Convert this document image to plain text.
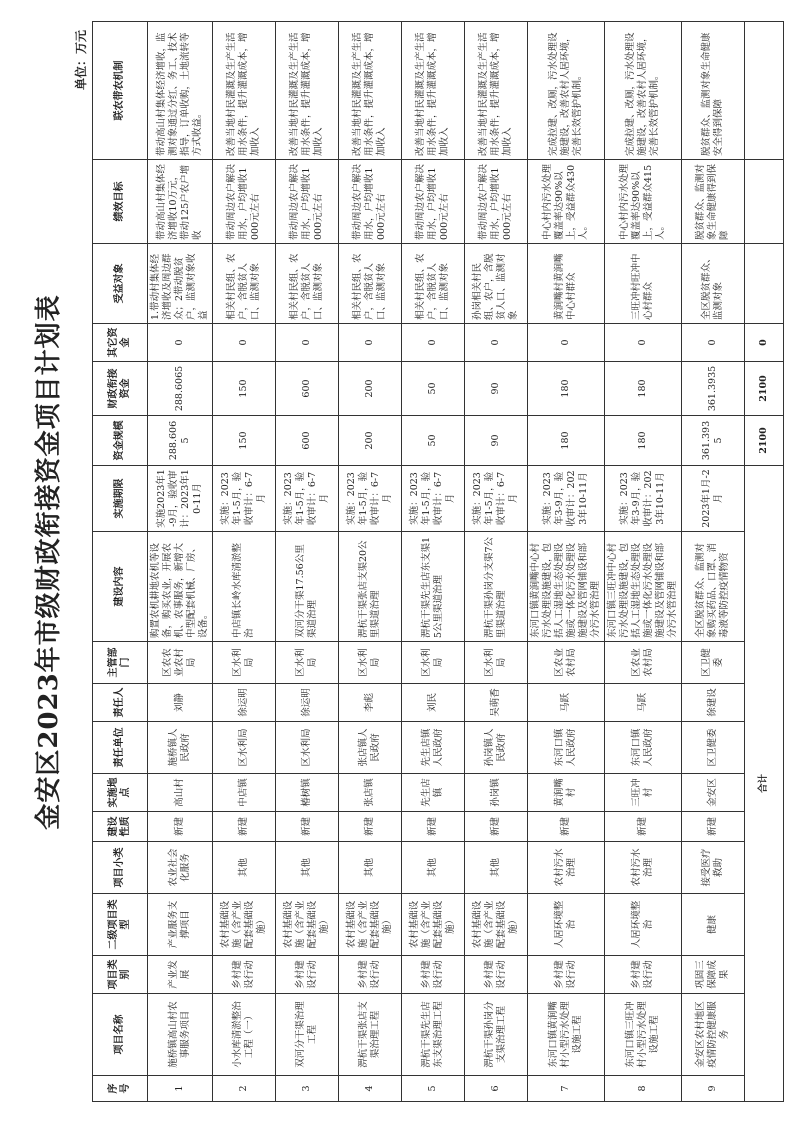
金安区2023年市级财政衔接资金项目计划表
单位：万元
序号	项目名称	项目类别	二级项目类型	项目小类	建设性质	实施地点	责任单位	责任人	主管部门	建设内容	实施期限	资金规模	财政衔接资金	其它资金	受益对象	绩效目标	联农带农机制
1	施桥镇高山村农事服务项目	产业发展	产业服务支撑项目	农业社会化服务	新建	高山村	施桥镇人民政府	刘静	区农农业农村局	购置农机耕地农机等设备，购买农业，开展农机、农事服务，新增大中型配套机械、厂房、设备。	实施2023年1-9月，验收审计：2023年10-11月	288.6065	288.6065	0	1.带动村集体经济增收及周边群众；2带动脱贫户，监测对象收益	带动高山村集体经济增收10万元，带动125户农户增收	带动高山村集体经济增收，监测对象通过分红、务工、技术指导，订单收购，土地流转等方式收益。
2	小水库清淤整治工程（一）	乡村建设行动	农村基础设施（含产业配套基础设施）	其他	新建	中店镇	区水利局	徐运明	区水利局	中店镇长岭水库清淤整治	实施：2023年1-5月，验收审计：6-7月	150	150	0	相关村民组、农户，含脱贫人口、监测对象	带动周边农户解决用水，户均增收1000元左右	改善当地村民灌溉及生产生活用水条件，提升灌溉成本，增加收入
3	双河分干渠治理工程	乡村建设行动	农村基础设施（含产业配套基础设施）	其他	新建	椿树镇	区水利局	徐运明	区水利局	双河分干渠17.56公里渠道治理	实施：2023年1-5月，验收审计：6-7月	600	600	0	相关村民组、农户，含脱贫人口、监测对象	带动周边农户解决用水，户均增收1000元左右	改善当地村民灌溉及生产生活用水条件，提升灌溉成本，增加收入
4	淠杭干渠张店支渠治理工程	乡村建设行动	农村基础设施（含产业配套基础设施）	其他	新建	张店镇	张店镇人民政府	李彪	区水利局	淠杭干渠张店支渠20公里渠道治理	实施：2023年1-5月，验收审计：6-7月	200	200	0	相关村民组、农户，含脱贫人口、监测对象	带动周边农户解决用水，户均增收1000元左右	改善当地村民灌溉及生产生活用水条件，提升灌溉成本，增加收入
5	淠杭干渠先生店东支渠治理工程	乡村建设行动	农村基础设施（含产业配套基础设施）	其他	新建	先生店镇	先生店镇人民政府	刘民	区水利局	淠杭干渠先生店东支渠15公里渠道治理	实施：2023年1-5月，验收审计：6-7月	50	50	0	相关村民组、农户，含脱贫人口、监测对象	带动周边农户解决用水，户均增收1000元左右	改善当地村民灌溉及生产生活用水条件，提升灌溉成本，增加收入
6	淠杭干渠孙岗分支渠治理工程	乡村建设行动	农村基础设施（含产业配套基础设施）	其他	新建	孙岗镇	孙岗镇人民政府	吴萌香	区水利局	淠杭干渠孙岗分支渠7公里渠道治理	实施：2023年1-5月，验收审计：6-7月	90	90	0	孙岗相关村民组、农户，含脱贫人口、监测对象	带动周边农户解决用水，户均增收1000元左右	改善当地村民灌溉及生产生活用水条件，提升灌溉成本，增加收入
7	东河口镇黄涧嘴村小型污水处理设施工程	乡村建设行动	人居环境整治	农村污水治理	新建	黄涧嘴村	东河口镇人民政府	马跃	区农业农村局	东河口镇黄涧嘴中心村污水处理设施建设，包括人工湿地生态处理设施或一体化污水处理设施建设及管网铺设和部分污水管治理	实施：2023年3-9月，验收审计：2023年10-11月	180	180	0	黄涧嘴村黄涧嘴中心村群众	中心村内污水处理覆盖率达90%以上，受益群众430人。	完成拉建、改厕，污水处理设施建设，改善农村人居环境，完善长效管护机制。
8	东河口镇三旺冲村小型污水处理设施工程	乡村建设行动	人居环境整治	农村污水治理	新建	三旺冲村	东河口镇人民政府	马跃	区农业农村局	东河口镇三旺冲中心村污水处理设施建设，包括人工湿地生态处理设施或一体化污水处理设施建设及管网铺设和部分污水管治理	实施：2023年3-9月，验收审计：2023年10-11月	180	180	0	三旺冲村旺冲中心村群众	中心村内污水处理覆盖率达90%以上，受益群众415人。	完成拉建、改厕，污水处理设施建设，改善农村人居环境，完善长效管护机制。
9	金安区农村地区疫情防控健康服务	巩固三保障成果	健康	接受医疗救助	新建	金安区	区卫健委	徐建设	区卫健委	全区脱贫群众、监测对象购买药品、口罩、消毒液等防控疫情物资	2023年1月-2月	361.3935	361.3935	0	全区脱贫群众、监测对象	脱贫群众、监测对象生命健康得到保障	脱贫群众、监测对象生命健康安全得到保障
合计												2100	2100	0			
